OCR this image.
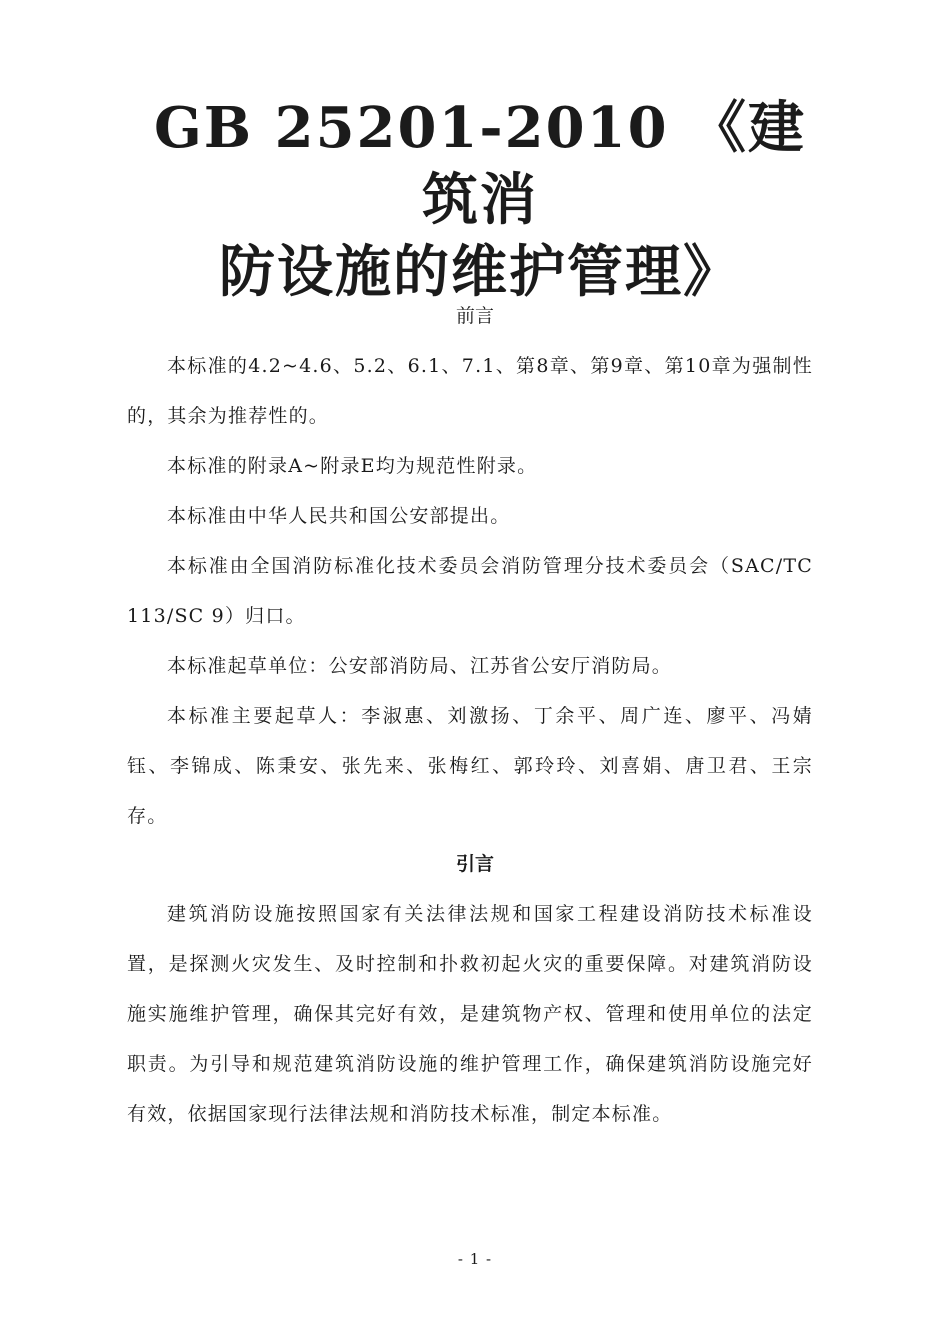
GB 25201-2010 《建筑消
防设施的维护管理》
前言

本标准的4.2~4.6、5.2、6.1、7.1、第8章、第9章、第10章为强制性的，其余为推荐性的。

本标准的附录A~附录E均为规范性附录。

本标准由中华人民共和国公安部提出。

本标准由全国消防标准化技术委员会消防管理分技术委员会（SAC/TC 113/SC 9）归口。

本标准起草单位：公安部消防局、江苏省公安厅消防局。

本标准主要起草人：李淑惠、刘激扬、丁余平、周广连、廖平、冯婧钰、李锦成、陈秉安、张先来、张梅红、郭玲玲、刘喜娟、唐卫君、王宗存。

引言

建筑消防设施按照国家有关法律法规和国家工程建设消防技术标准设置，是探测火灾发生、及时控制和扑救初起火灾的重要保障。对建筑消防设施实施维护管理，确保其完好有效，是建筑物产权、管理和使用单位的法定职责。为引导和规范建筑消防设施的维护管理工作，确保建筑消防设施完好有效，依据国家现行法律法规和消防技术标准，制定本标准。

- 1 -
